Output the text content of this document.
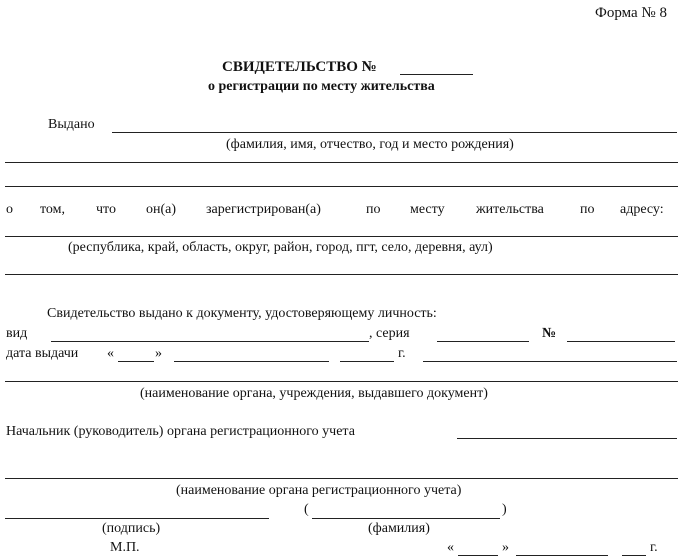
Форма № 8
СВИДЕТЕЛЬСТВО №
о регистрации по месту жительства
Выдано
(фамилия, имя, отчество, год и место рождения)
о том, что он(а) зарегистрирован(а)	по месту жительства	по адресу:
(республика, край, область, округ, район, город, пгт, село, деревня, аул)
Свидетельство выдано к документу, удостоверяющему личность:
вид	, серия	№
дата выдачи «	»	г.
(наименование органа, учреждения, выдавшего документ)
Начальник (руководитель) органа регистрационного учета
(наименование органа регистрационного учета)
(	)
(подпись)	(фамилия)
М.П.	«	»	г.
